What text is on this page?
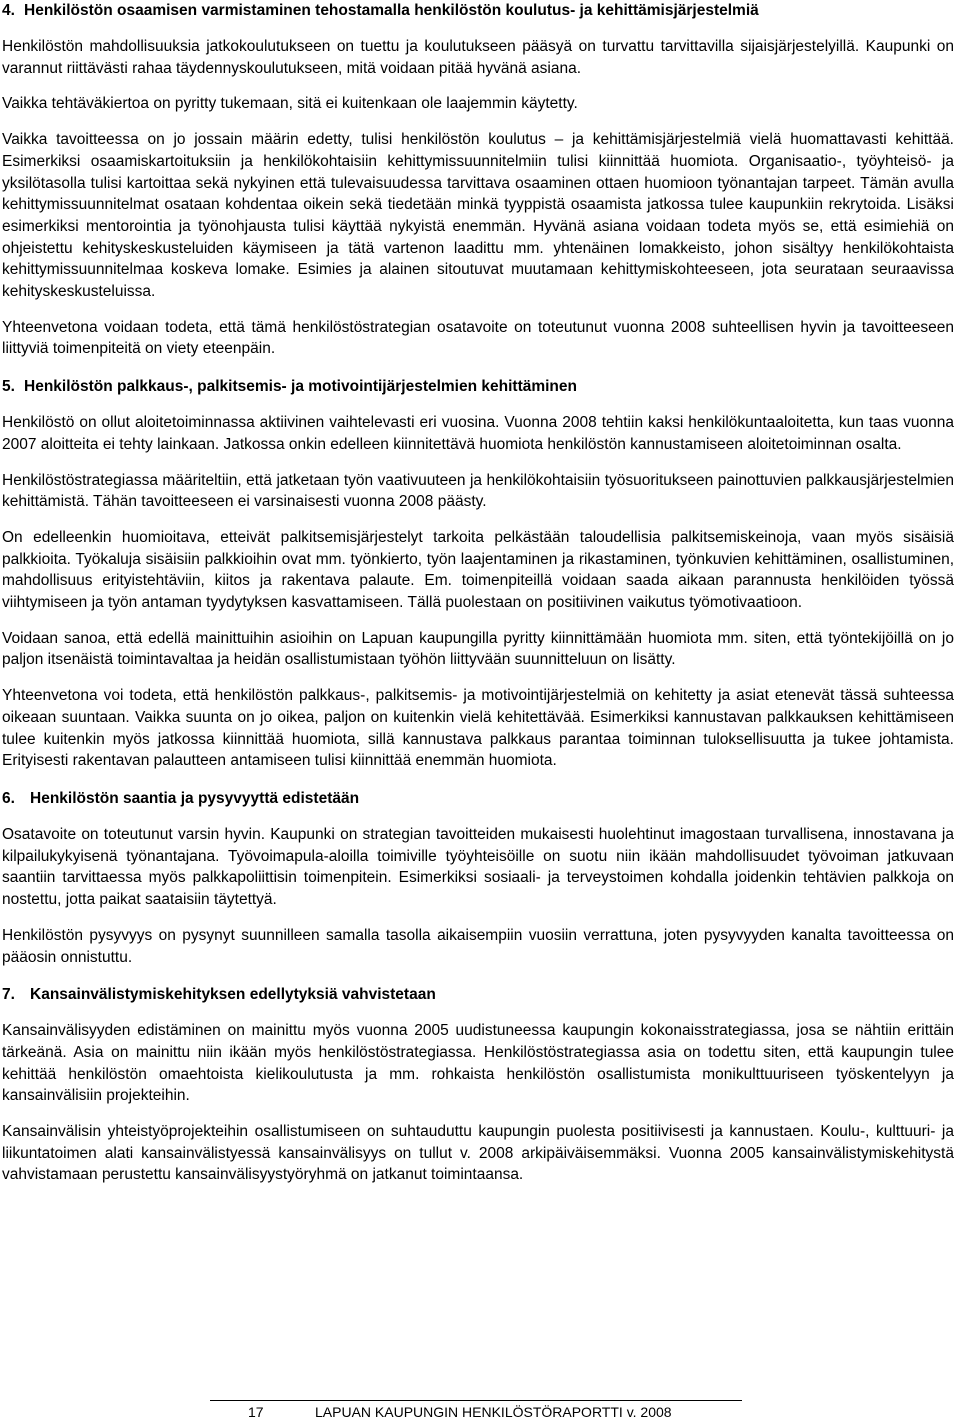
4. Henkilöstön osaamisen varmistaminen tehostamalla henkilöstön koulutus- ja kehittämisjärjestelmiä

Henkilöstön mahdollisuuksia jatkokoulutukseen on tuettu ja koulutukseen pääsyä on turvattu tarvittavilla sijaisjärjestelyillä. Kaupunki on varannut riittävästi rahaa täydennyskoulutukseen, mitä voidaan pitää hyvänä asiana.

Vaikka tehtäväkiertoa on pyritty tukemaan, sitä ei kuitenkaan ole laajemmin käytetty.

Vaikka tavoitteessa on jo jossain määrin edetty, tulisi henkilöstön koulutus – ja kehittämisjärjestelmiä vielä huomattavasti kehittää. Esimerkiksi osaamiskartoituksiin ja henkilökohtaisiin kehittymissuunnitelmiin tulisi kiinnittää huomiota. Organisaatio-, työyhteisö- ja yksilötasolla tulisi kartoittaa sekä nykyinen että tulevaisuudessa tarvittava osaaminen ottaen huomioon työnantajan tarpeet. Tämän avulla kehittymissuunnitelmat osataan kohdentaa oikein sekä tiedetään minkä tyyppistä osaamista jatkossa tulee kaupunkiin rekrytoida. Lisäksi esimerkiksi mentorointia ja työnohjausta tulisi käyttää nykyistä enemmän. Hyvänä asiana voidaan todeta myös se, että esimiehiä on ohjeistettu kehityskeskusteluiden käymiseen ja tätä vartenon laadittu mm. yhtenäinen lomakkeisto, johon sisältyy henkilökohtaista kehittymissuunnitelmaa koskeva lomake. Esimies ja alainen sitoutuvat muutamaan kehittymiskohteeseen, jota seurataan seuraavissa kehityskeskusteluissa.

Yhteenvetona voidaan todeta, että tämä henkilöstöstrategian osatavoite on toteutunut vuonna 2008 suhteellisen hyvin ja tavoitteeseen liittyviä toimenpiteitä on viety eteenpäin.

5. Henkilöstön palkkaus-, palkitsemis- ja motivointijärjestelmien kehittäminen

Henkilöstö on ollut aloitetoiminnassa aktiivinen vaihtelevasti eri vuosina. Vuonna 2008 tehtiin kaksi henkilökuntaaloitetta, kun taas vuonna 2007 aloitteita ei tehty lainkaan. Jatkossa onkin edelleen kiinnitettävä huomiota henkilöstön kannustamiseen aloitetoiminnan osalta.

Henkilöstöstrategiassa määriteltiin, että jatketaan työn vaativuuteen ja henkilökohtaisiin työsuoritukseen painottuvien palkkausjärjestelmien kehittämistä. Tähän tavoitteeseen ei varsinaisesti vuonna 2008 päästy.

On edelleenkin huomioitava, etteivät palkitsemisjärjestelyt tarkoita pelkästään taloudellisia palkitsemiskeinoja, vaan myös sisäisiä palkkioita. Työkaluja sisäisiin palkkioihin ovat mm. työnkierto, työn laajentaminen ja rikastaminen, työnkuvien kehittäminen, osallistuminen, mahdollisuus erityistehtäviin, kiitos ja rakentava palaute. Em. toimenpiteillä voidaan saada aikaan parannusta henkilöiden työssä viihtymiseen ja työn antaman tyydytyksen kasvattamiseen. Tällä puolestaan on positiivinen vaikutus työmotivaatioon.

Voidaan sanoa, että edellä mainittuihin asioihin on Lapuan kaupungilla pyritty kiinnittämään huomiota mm. siten, että työntekijöillä on jo paljon itsenäistä toimintavaltaa ja heidän osallistumistaan työhön liittyvään suunnitteluun on lisätty.

Yhteenvetona voi todeta, että henkilöstön palkkaus-, palkitsemis- ja motivointijärjestelmiä on kehitetty ja asiat etenevät tässä suhteessa oikeaan suuntaan. Vaikka suunta on jo oikea, paljon on kuitenkin vielä kehitettävää. Esimerkiksi kannustavan palkkauksen kehittämiseen tulee kuitenkin myös jatkossa kiinnittää huomiota, sillä kannustava palkkaus parantaa toiminnan tuloksellisuutta ja tukee johtamista. Erityisesti rakentavan palautteen antamiseen tulisi kiinnittää enemmän huomiota.

6. Henkilöstön saantia ja pysyvyyttä edistetään

Osatavoite on toteutunut varsin hyvin. Kaupunki on strategian tavoitteiden mukaisesti huolehtinut imagostaan turvallisena, innostavana ja kilpailukykyisenä työnantajana. Työvoimapula-aloilla toimiville työyhteisöille on suotu niin ikään mahdollisuudet työvoiman jatkuvaan saantiin tarvittaessa myös palkkapoliittisin toimenpitein. Esimerkiksi sosiaali- ja terveystoimen kohdalla joidenkin tehtävien palkkoja on nostettu, jotta paikat saataisiin täytettyä.

Henkilöstön pysyvyys on pysynyt suunnilleen samalla tasolla aikaisempiin vuosiin verrattuna, joten pysyvyyden kanalta tavoitteessa on pääosin onnistuttu.

7. Kansainvälistymiskehityksen edellytyksiä vahvistetaan

Kansainvälisyyden edistäminen on mainittu myös vuonna 2005 uudistuneessa kaupungin kokonaisstrategiassa, josa se nähtiin erittäin tärkeänä. Asia on mainittu niin ikään myös henkilöstöstrategiassa. Henkilöstöstrategiassa asia on todettu siten, että kaupungin tulee kehittää henkilöstön omaehtoista kielikoulutusta ja mm. rohkaista henkilöstön osallistumista monikulttuuriseen työskentelyyn ja kansainvälisiin projekteihin.

Kansainvälisin yhteistyöprojekteihin osallistumiseen on suhtauduttu kaupungin puolesta positiivisesti ja kannustaen. Koulu-, kulttuuri- ja liikuntatoimen alati kansainvälistyessä kansainvälisyys on tullut v. 2008 arkipäiväisemmäksi. Vuonna 2005 kansainvälistymiskehitystä vahvistamaan perustettu kansainvälisyystyöryhmä on jatkanut toimintaansa.

17	LAPUAN KAUPUNGIN HENKILÖSTÖRAPORTTI v. 2008
